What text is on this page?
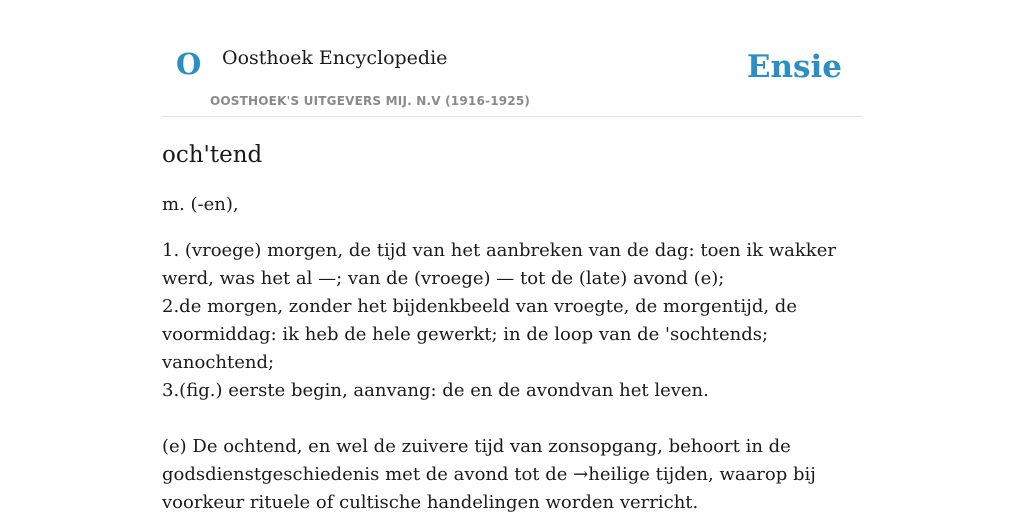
O Oosthoek Encyclopedie
OOSTHOEK'S UITGEVERS MIJ. N.V (1916-1925)
Ensie
och'tend
m. (-en),
1. (vroege) morgen, de tijd van het aanbreken van de dag: toen ik wakker werd, was het al —; van de (vroege) — tot de (late) avond (e);
2.de morgen, zonder het bijdenkbeeld van vroegte, de morgentijd, de voormiddag: ik heb de hele gewerkt; in de loop van de 'sochtends; vanochtend;
3.(fig.) eerste begin, aanvang: de en de avondvan het leven.
(e) De ochtend, en wel de zuivere tijd van zonsopgang, behoort in de godsdienstgeschiedenis met de avond tot de →heilige tijden, waarop bij voorkeur rituele of cultische handelingen worden verricht.
